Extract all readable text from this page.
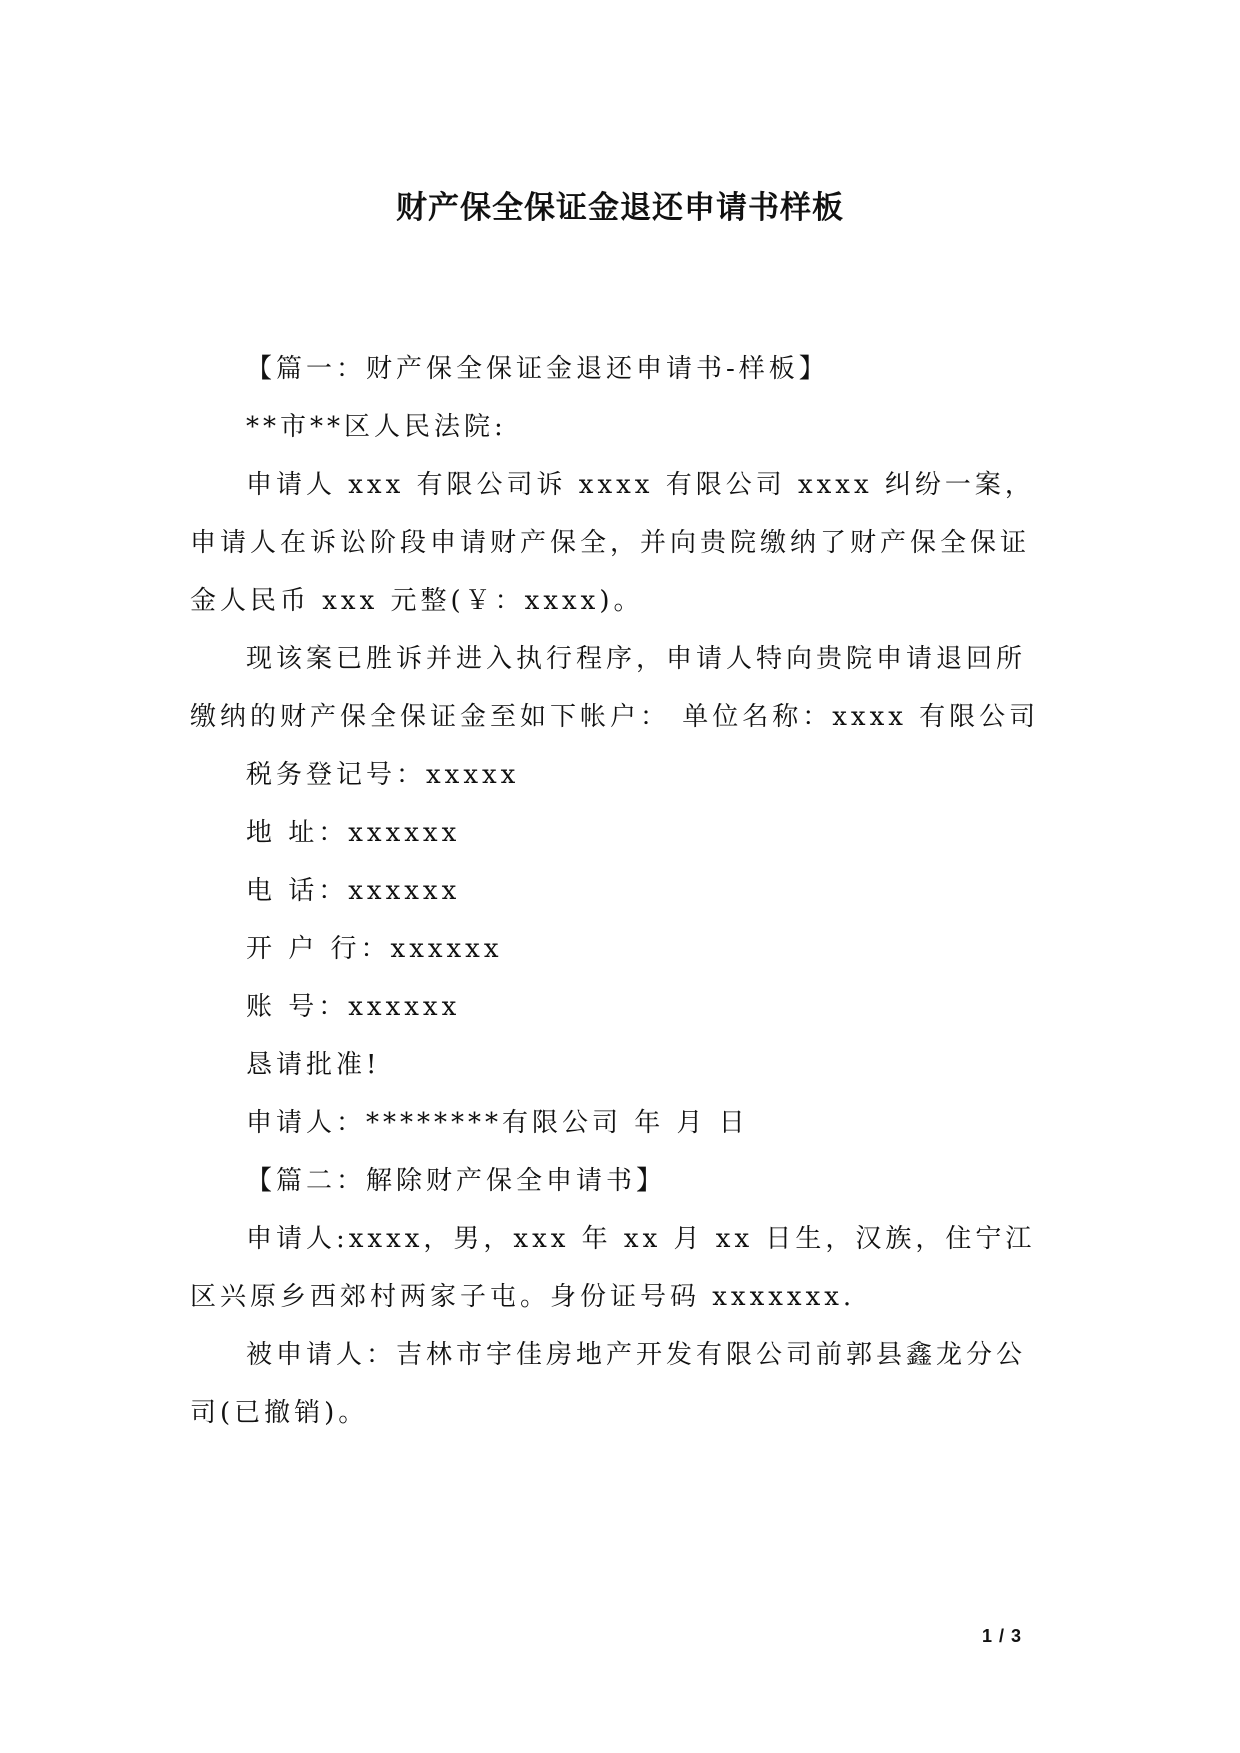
财产保全保证金退还申请书样板

【篇一：财产保全保证金退还申请书-样板】

**市**区人民法院:

申请人 xxx 有限公司诉 xxxx 有限公司 xxxx 纠纷一案，申请人在诉讼阶段申请财产保全，并向贵院缴纳了财产保全保证金人民币 xxx 元整(￥：xxxx)。

现该案已胜诉并进入执行程序，申请人特向贵院申请退回所缴纳的财产保全保证金至如下帐户： 单位名称：xxxx 有限公司

税务登记号：xxxxx

地 址：xxxxxx

电 话：xxxxxx

开 户 行：xxxxxx

账 号：xxxxxx

恳请批准!

申请人：********有限公司 年 月 日

【篇二：解除财产保全申请书】

申请人:xxxx，男，xxx 年 xx 月 xx 日生，汉族，住宁江区兴原乡西郊村两家子屯。身份证号码 xxxxxxx.

被申请人：吉林市宇佳房地产开发有限公司前郭县鑫龙分公司(已撤销)。

1 / 3
